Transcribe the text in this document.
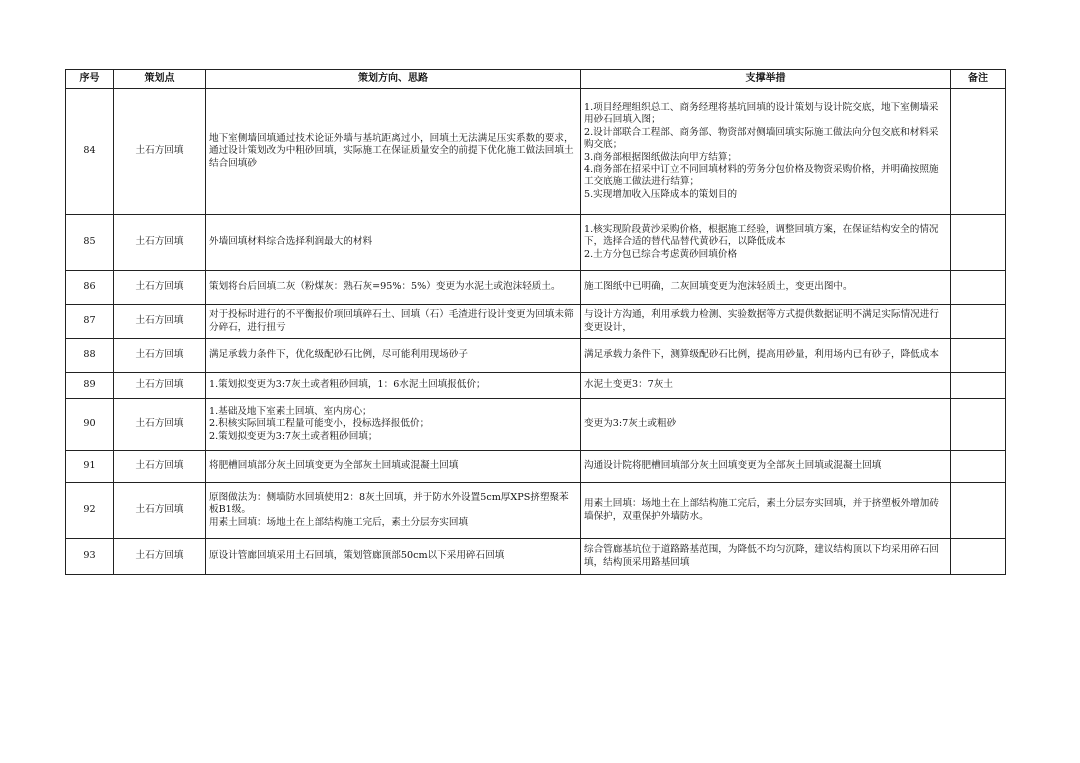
序号	策划点	策划方向、思路	支撑举措	备注
84	土石方回填	地下室侧墙回填通过技术论证外墙与基坑距离过小，回填土无法满足压实系数的要求，通过设计策划改为中粗砂回填，实际施工在保证质量安全的前提下优化施工做法回填土结合回填砂	1.项目经理组织总工、商务经理将基坑回填的设计策划与设计院交底，地下室侧墙采用砂石回填入图；
2.设计部联合工程部、商务部、物资部对侧墙回填实际施工做法向分包交底和材料采购交底；
3.商务部根据图纸做法向甲方结算；
4.商务部在招采中订立不同回填材料的劳务分包价格及物资采购价格，并明确按照施工交底施工做法进行结算；
5.实现增加收入压降成本的策划目的	

85	土石方回填	外墙回填材料综合选择利润最大的材料	1.核实现阶段黄沙采购价格，根据施工经验，调整回填方案，在保证结构安全的情况下，选择合适的替代品替代黄砂石，以降低成本
2.土方分包已综合考虑黄砂回填价格	

86	土石方回填	策划将台后回填二灰（粉煤灰：熟石灰=95%：5%）变更为水泥土或泡沫轻质土。	施工图纸中已明确，二灰回填变更为泡沫轻质土，变更出图中。	

87	土石方回填	对于投标时进行的不平衡报价项回填碎石土、回填（石）毛渣进行设计变更为回填未筛分碎石，进行扭亏	与设计方沟通，利用承载力检测、实验数据等方式提供数据证明不满足实际情况进行变更设计，	

88	土石方回填	满足承载力条件下，优化级配砂石比例，尽可能利用现场砂子	满足承载力条件下，测算级配砂石比例，提高用砂量，利用场内已有砂子，降低成本	

89	土石方回填	1.策划拟变更为3:7灰土或者粗砂回填，1：6水泥土回填报低价；	水泥土变更3：7灰土	

90	土石方回填	1.基础及地下室素土回填、室内房心；
2.积核实际回填工程量可能变小，投标选择报低价；
2.策划拟变更为3:7灰土或者粗砂回填；	变更为3:7灰土或粗砂	

91	土石方回填	将肥槽回填部分灰土回填变更为全部灰土回填或混凝土回填	沟通设计院将肥槽回填部分灰土回填变更为全部灰土回填或混凝土回填	

92	土石方回填	原图做法为：侧墙防水回填使用2：8灰土回填，并于防水外设置5cm厚XPS挤塑聚苯板B1级。
用素土回填：场地土在上部结构施工完后，素土分层夯实回填	用素土回填：场地土在上部结构施工完后，素土分层夯实回填，并于挤塑板外增加砖墙保护，双重保护外墙防水。	

93	土石方回填	原设计管廊回填采用土石回填，策划管廊顶部50cm以下采用碎石回填	综合管廊基坑位于道路路基范围，为降低不均匀沉降，建议结构顶以下均采用碎石回填，结构顶采用路基回填	
